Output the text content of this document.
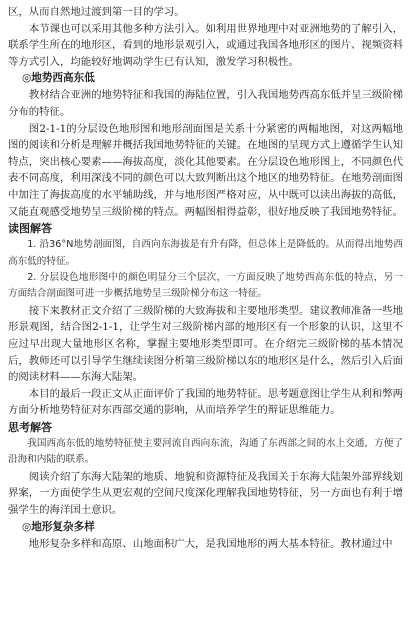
区，从而自然地过渡到第一目的学习。

本节课也可以采用其他多种方法引入。如利用世界地理中对亚洲地势的了解引入，联系学生所在的地形区，看到的地形景观引入，或通过我国各地形区的图片、视频资料等方式引入，均能较好地调动学生已有认知，激发学习积极性。

◎地势西高东低

教材结合亚洲的地势特征和我国的海陆位置，引入我国地势西高东低并呈三级阶梯分布的特征。

图2-1-1的分层设色地形图和地形剖面图是关系十分紧密的两幅地图，对这两幅地图的阅读和分析是理解并概括我国地势特征的关键。在地图的呈现方式上遵循学生认知特点，突出核心要素——海拔高度，淡化其他要素。在分层设色地形图上，不同颜色代表不同高度，利用深浅不同的颜色可以大致判断出这个地区的地势特征。在地势剖面图中加注了海拔高度的水平辅助线，并与地形图严格对应，从中既可以读出海拔的高低，又能直观感受地势呈三级阶梯的特点。两幅图相得益彰，很好地反映了我国地势特征。

读图解答

1. 沿36°N地势剖面图，自西向东海拔是有升有降，但总体上是降低的。从而得出地势西高东低的特征。

2. 分层设色地形图中的颜色明显分三个层次，一方面反映了地势西高东低的特点，另一方面结合剖面图可进一步概括地势呈三级阶梯分布这一特征。

接下来教材正文介绍了三级阶梯的大致海拔和主要地形类型。建议教师准备一些地形景观图，结合图2-1-1，让学生对三级阶梯内部的地形区有一个形象的认识，这里不应过早出现大量地形区名称，掌握主要地形类型即可。在介绍完三级阶梯的基本情况后，教师还可以引导学生继续读图分析第三级阶梯以东的地形区是什么，然后引入后面的阅读材料——东海大陆架。

本目的最后一段正文从正面评价了我国的地势特征。思考题意图让学生从利和弊两方面分析地势特征对东西部交通的影响，从而培养学生的辩证思维能力。

思考解答

我国西高东低的地势特征使主要河流自西向东流，沟通了东西部之间的水上交通，方便了沿海和内陆的联系。

阅读介绍了东海大陆架的地质、地貌和资源特征及我国关于东海大陆架外部界线划界案，一方面使学生从更宏观的空间尺度深化理解我国地势特征，另一方面也有利于增强学生的海洋国土意识。

◎地形复杂多样

地形复杂多样和高原、山地面积广大，是我国地形的两大基本特征。教材通过中
